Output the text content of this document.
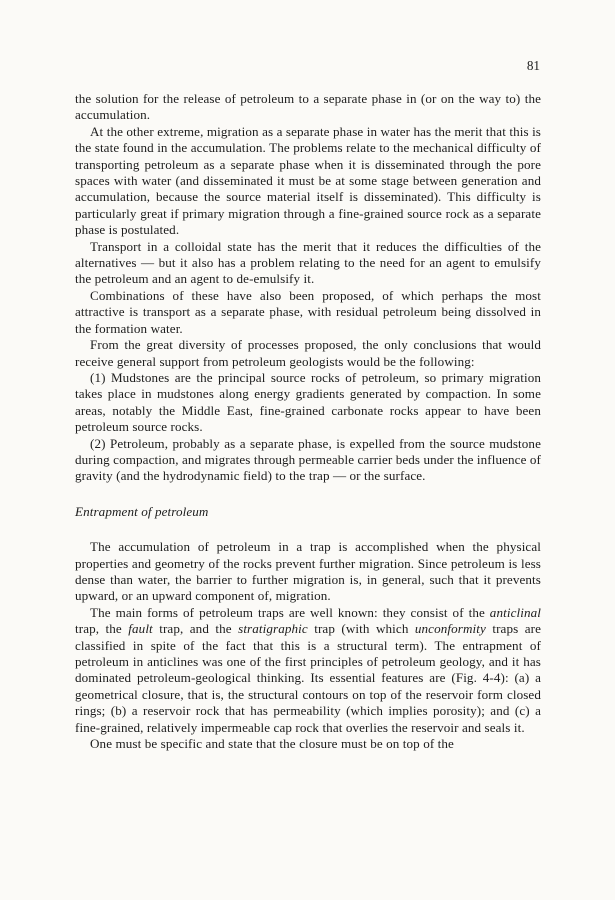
81

the solution for the release of petroleum to a separate phase in (or on the way to) the accumulation.

At the other extreme, migration as a separate phase in water has the merit that this is the state found in the accumulation. The problems relate to the mechanical difficulty of transporting petroleum as a separate phase when it is disseminated through the pore spaces with water (and disseminated it must be at some stage between generation and accumulation, because the source material itself is disseminated). This difficulty is particularly great if primary migration through a fine-grained source rock as a separate phase is postulated.

Transport in a colloidal state has the merit that it reduces the difficulties of the alternatives — but it also has a problem relating to the need for an agent to emulsify the petroleum and an agent to de-emulsify it.

Combinations of these have also been proposed, of which perhaps the most attractive is transport as a separate phase, with residual petroleum being dissolved in the formation water.

From the great diversity of processes proposed, the only conclusions that would receive general support from petroleum geologists would be the following:

(1) Mudstones are the principal source rocks of petroleum, so primary migration takes place in mudstones along energy gradients generated by compaction. In some areas, notably the Middle East, fine-grained carbonate rocks appear to have been petroleum source rocks.

(2) Petroleum, probably as a separate phase, is expelled from the source mudstone during compaction, and migrates through permeable carrier beds under the influence of gravity (and the hydrodynamic field) to the trap — or the surface.

Entrapment of petroleum

The accumulation of petroleum in a trap is accomplished when the physical properties and geometry of the rocks prevent further migration. Since petroleum is less dense than water, the barrier to further migration is, in general, such that it prevents upward, or an upward component of, migration.

The main forms of petroleum traps are well known: they consist of the anticlinal trap, the fault trap, and the stratigraphic trap (with which unconformity traps are classified in spite of the fact that this is a structural term). The entrapment of petroleum in anticlines was one of the first principles of petroleum geology, and it has dominated petroleum-geological thinking. Its essential features are (Fig. 4-4): (a) a geometrical closure, that is, the structural contours on top of the reservoir form closed rings; (b) a reservoir rock that has permeability (which implies porosity); and (c) a fine-grained, relatively impermeable cap rock that overlies the reservoir and seals it.

One must be specific and state that the closure must be on top of the
